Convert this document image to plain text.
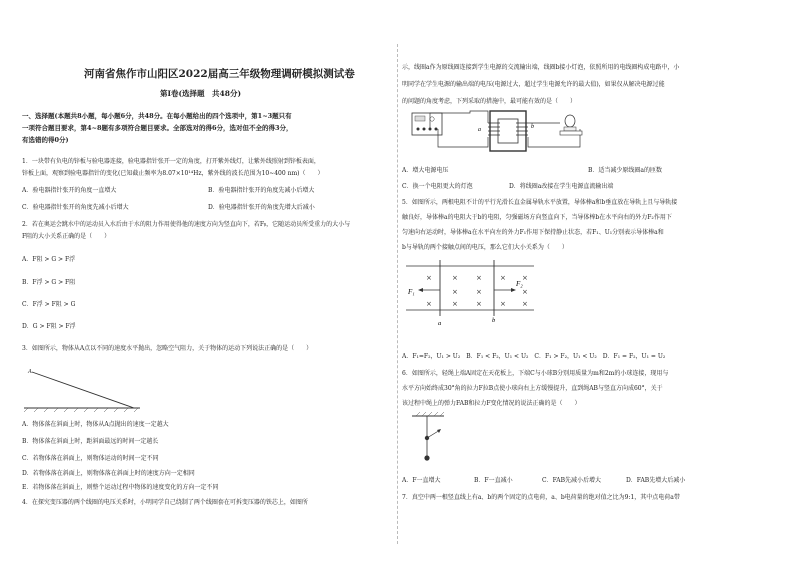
河南省焦作市山阳区2022届高三年级物理调研模拟测试卷
第Ⅰ卷(选择题　共48分)
一、选择题(本题共8小题，每小题6分，共48分。在每小题给出的四个选项中，第1~3题只有
一项符合题目要求，第4~8题有多项符合题目要求。全部选对的得6分，选对但不全的得3分，
有选错的得0分)
1．一块带有负电的锌板与验电器连接，验电器指针张开一定的角度，打开紫外线灯，让紫外线照射到锌板表面，
锌板上面，观察到验电器指针的变化(已知截止频率为8.07×10¹⁴Hz，紫外线的波长范围为10~400 nm)（　　）
A．验电器指针张开的角度一直增大	B．验电器指针张开的角度先减小后增大
C．验电器指针张开的角度先减小后增大	D．验电器指针张开的角度先增大后减小
2．若在奥运会跳水中的运动员入水后由于水的阻力作用使得他的速度方向为竖直向下，若Fᵦ，它随运动员所受重力的大小与
F阻的大小关系正确的是（　　）
A．F阻 > G > F浮
B．F浮 > G > F阻
C．F浮 > F阻 > G
D．G > F阻 > F浮
3．如图所示，物体从A点以不同的速度水平抛出，忽略空气阻力，关于物体的运动下列说法正确的是（　　）
A
A．物体落在斜面上时，物体从A点抛出的速度一定越大
B．物体落在斜面上时，距斜面最远的时间一定越长
C．若物体落在斜面上，则物体运动的时间一定不同
D．若物体落在斜面上，则物体落在斜面上时的速度方向一定相同
E．若物体落在斜面上，则整个运动过程中物体的速度变化的方向一定不同
4．在探究变压器的两个线圈的电压关系时，小明同学自己绕制了两个线圈套在可拆变压器的铁芯上，如图所
示，线圈a作为原线圈连接到学生电源的交流输出端，线圈b接小灯泡，依照所用的电线圈构成电路中，小
明同学在学生电源的输出端的电压(电源过大，超过学生电源允许的最大值)，如果仅从解决电源过能
的问题的角度考虑，下列采取的措施中，最可能有效的是（　　）
a	b
A．增大电源电压	B．适当减少原线圈a的匝数
C．换一个电阻更大的灯泡	D．将线圈a改接在学生电源直流输出端
5．如图所示，两根电阻不计的平行光滑长直金属导轨水平放置，导体棒a和b垂直放在导轨上且与导轨接
触良好，导体棒a的电阻大于b的电阻，匀强磁场方向竖直向下，当导体棒b在水平向右的外力F₂作用下
匀速向右运动时，导体棒a在水平向左的外力F₁作用下保持静止状态，若F₁、U₁分别表示导体棒a和
b与导轨的两个接触点间的电压，那么它们大小关系为（　　）
×	×	×	× ×
×	×	×
×	×	×	× ×
F₁
F₂
a	b
A．F₁=F₂，U₁ > U₂　B．F₁ < F₂，U₁ < U₂　C．F₁ > F₂，U₁ < U₂　D．F₁ = F₂，U₁ = U₂
6．如图所示，轻绳上端A固定在天花板上，下端C与小球B分别用质量为m和2m的小球连接，现用与
水平方向始终成30°角的拉力F拉B点使小球向右上方缓慢提升，直到绳AB与竖直方向成60°，关于
该过程中绳上的弹力FAB和拉力F变化情况的说法正确的是（　　）
A．F一直增大	B．F一直减小	C．FAB先减小后增大	D．FAB先增大后减小
7．真空中两一根竖直线上有a、b的两个固定的点电荷，a、b电荷量的绝对值之比为9:1，其中点电荷a带
